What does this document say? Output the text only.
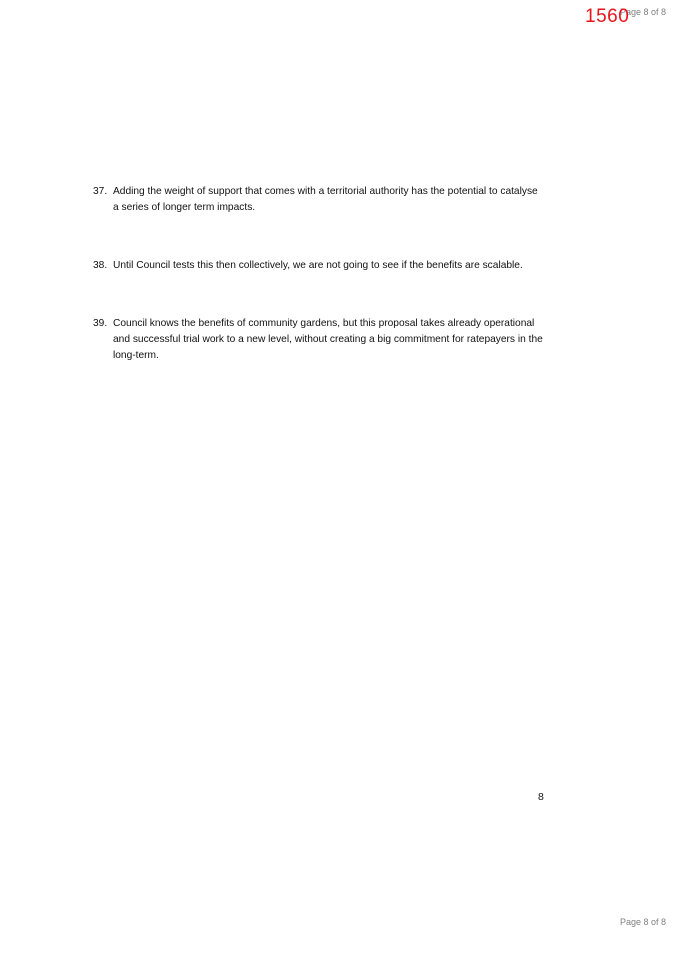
Page 8 of 8
1560
37. Adding the weight of support that comes with a territorial authority has the potential to catalyse a series of longer term impacts.
38. Until Council tests this then collectively, we are not going to see if the benefits are scalable.
39. Council knows the benefits of community gardens, but this proposal takes already operational and successful trial work to a new level, without creating a big commitment for ratepayers in the long-term.
8
Page 8 of 8
